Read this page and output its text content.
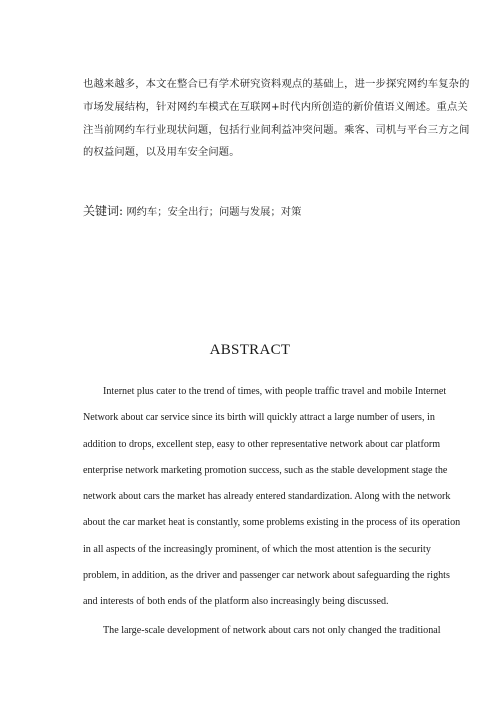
也越来越多，本文在整合已有学术研究资料观点的基础上，进一步探究网约车复杂的
市场发展结构，针对网约车模式在互联网+时代内所创造的新价值语义阐述。重点关
注当前网约车行业现状问题，包括行业间利益冲突问题。乘客、司机与平台三方之间
的权益问题，以及用车安全问题。
关键词: 网约车；安全出行；问题与发展；对策
ABSTRACT
Internet plus cater to the trend of times, with people traffic travel and mobile Internet
Network about car service since its birth will quickly attract a large number of users, in
addition to drops, excellent step, easy to other representative network about car platform
enterprise network marketing promotion success, such as the stable development stage the
network about cars the market has already entered standardization. Along with the network
about the car market heat is constantly, some problems existing in the process of its operation
in all aspects of the increasingly prominent, of which the most attention is the security
problem, in addition, as the driver and passenger car network about safeguarding the rights
and interests of both ends of the platform also increasingly being discussed.
The large-scale development of network about cars not only changed the traditional
